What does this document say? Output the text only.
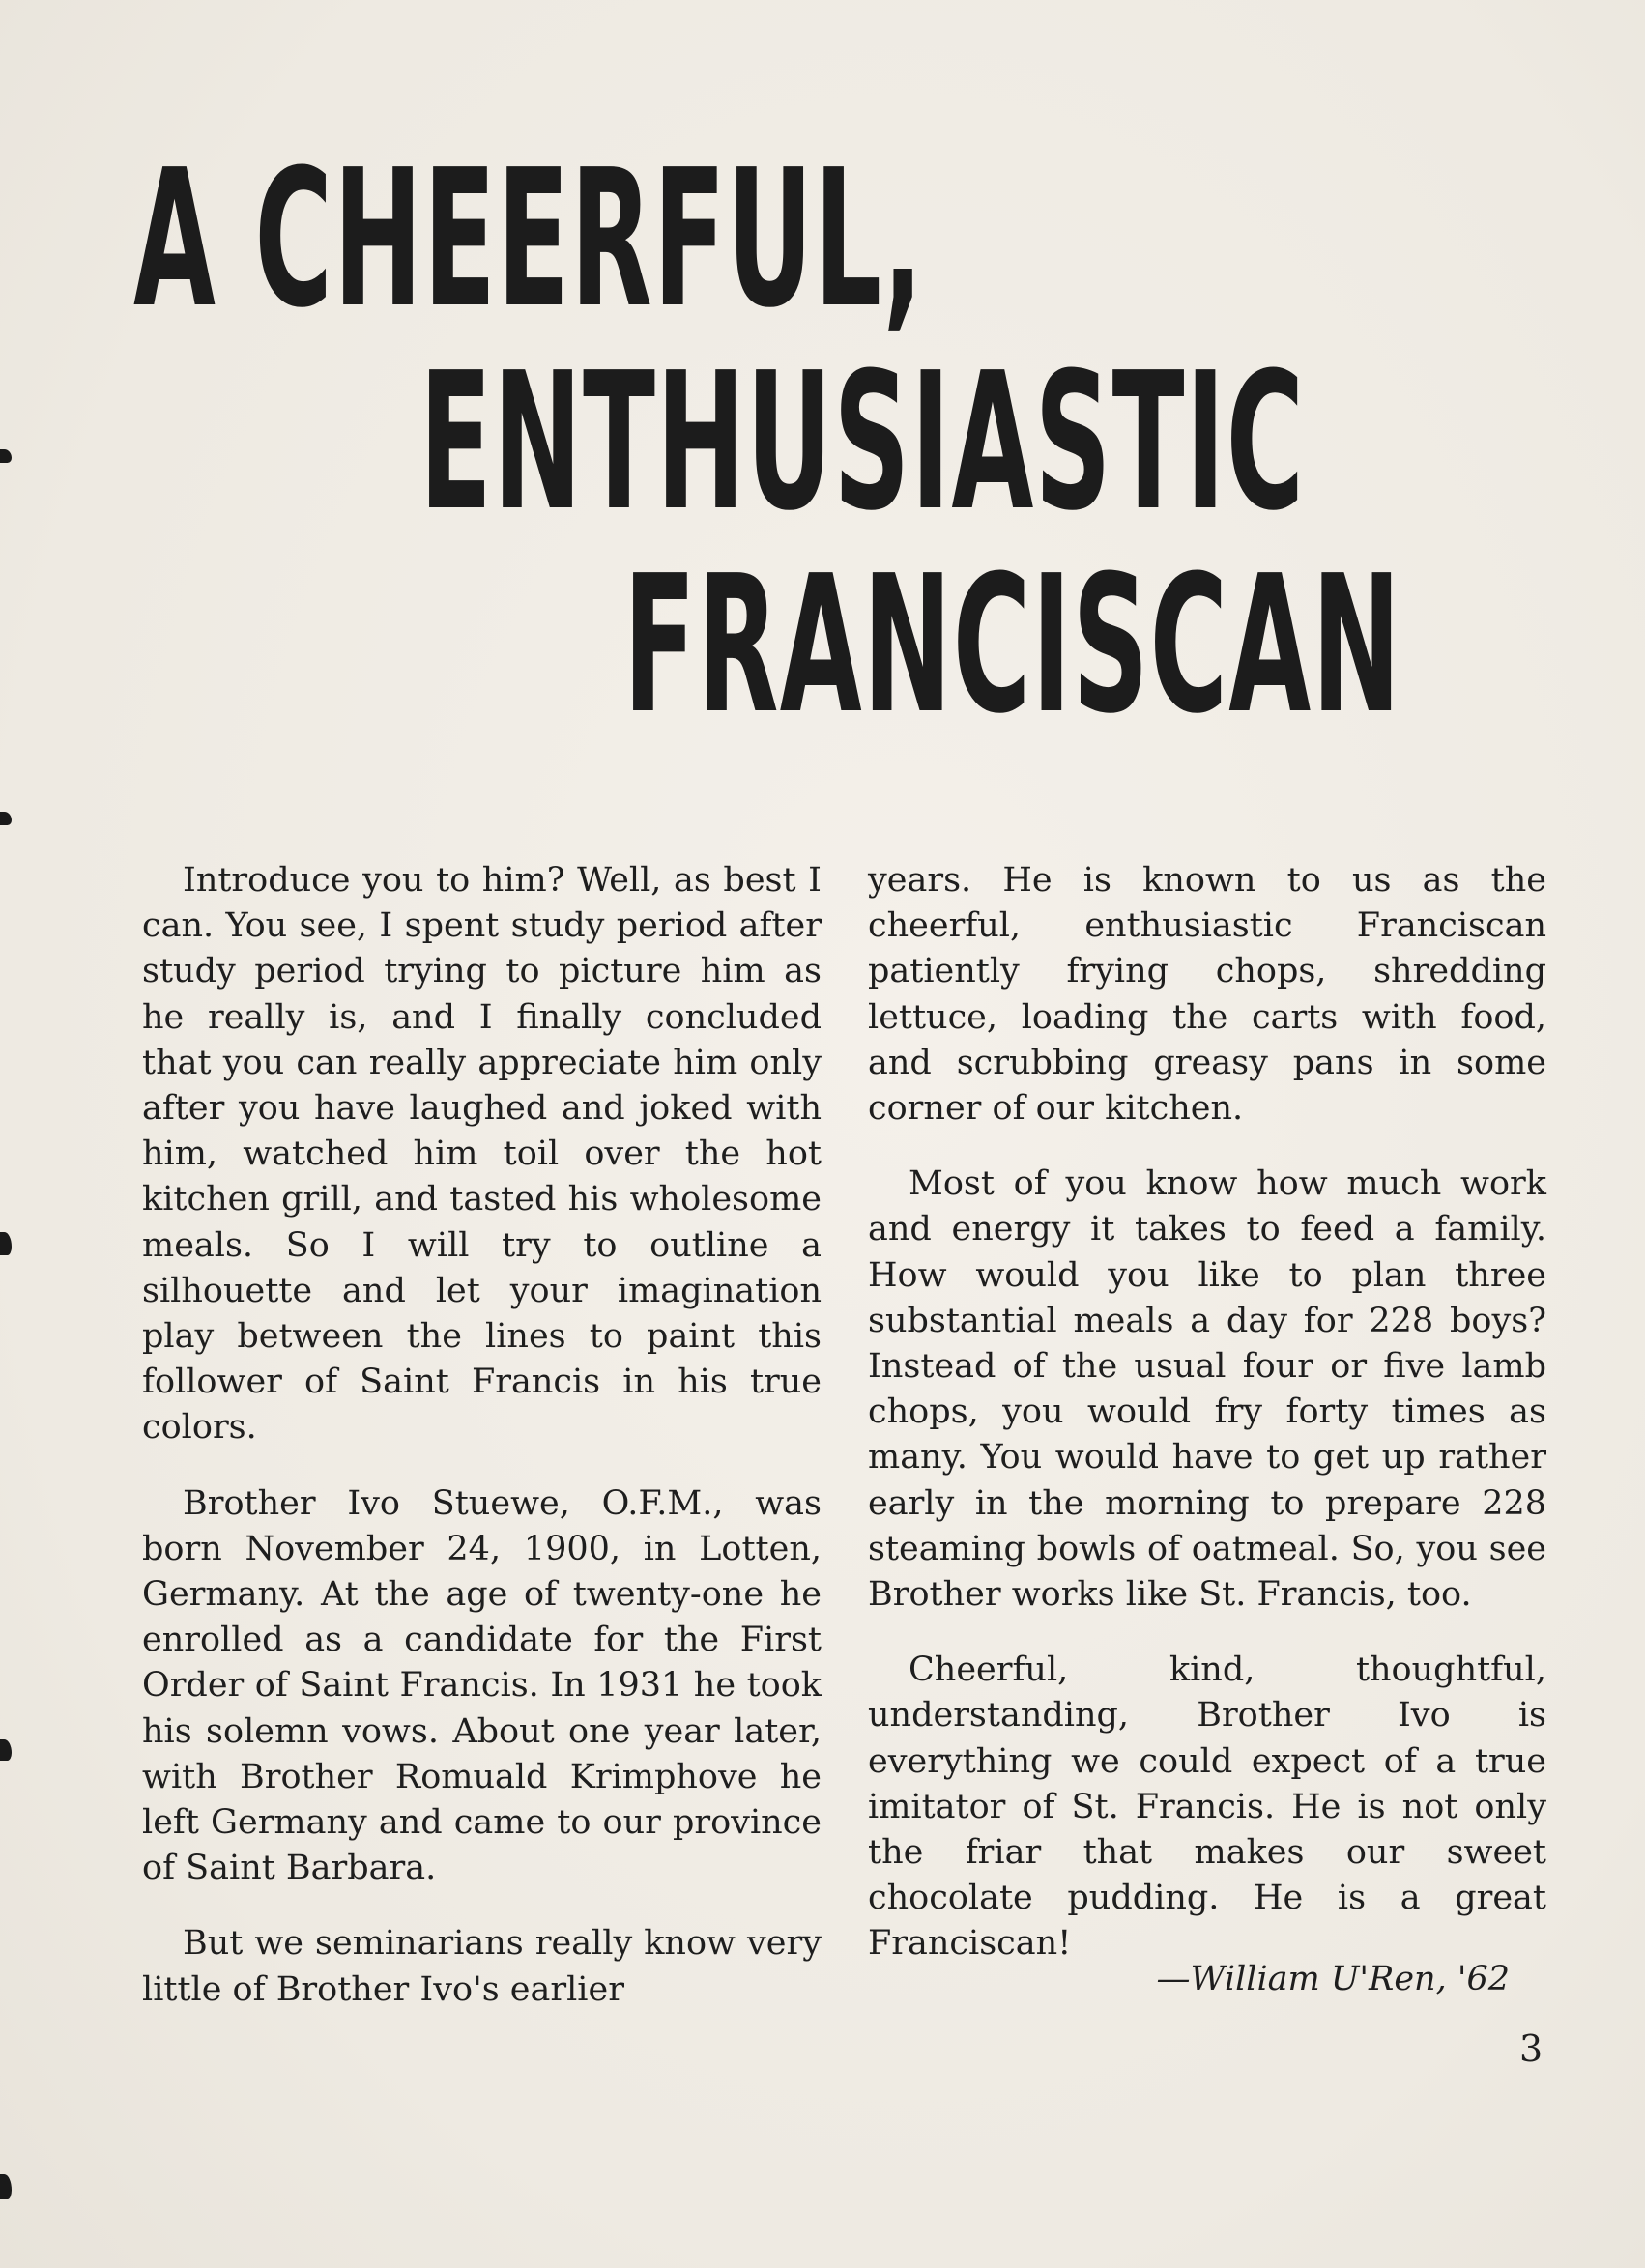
A CHEERFUL,
ENTHUSIASTIC
FRANCISCAN

Introduce you to him? Well, as best I can. You see, I spent study period after study period trying to picture him as he really is, and I finally concluded that you can really appreciate him only after you have laughed and joked with him, watched him toil over the hot kitchen grill, and tasted his wholesome meals. So I will try to outline a silhouette and let your imagination play between the lines to paint this follower of Saint Francis in his true colors.

Brother Ivo Stuewe, O.F.M., was born November 24, 1900, in Lotten, Germany. At the age of twenty-one he enrolled as a candidate for the First Order of Saint Francis. In 1931 he took his solemn vows. About one year later, with Brother Romuald Krimphove he left Germany and came to our province of Saint Barbara.

But we seminarians really know very little of Brother Ivo's earlier

years. He is known to us as the cheerful, enthusiastic Franciscan patiently frying chops, shredding lettuce, loading the carts with food, and scrubbing greasy pans in some corner of our kitchen.

Most of you know how much work and energy it takes to feed a family. How would you like to plan three substantial meals a day for 228 boys? Instead of the usual four or five lamb chops, you would fry forty times as many. You would have to get up rather early in the morning to prepare 228 steaming bowls of oatmeal. So, you see Brother works like St. Francis, too.

Cheerful, kind, thoughtful, understanding, Brother Ivo is everything we could expect of a true imitator of St. Francis. He is not only the friar that makes our sweet chocolate pudding. He is a great Franciscan!

—William U'Ren, '62
3
